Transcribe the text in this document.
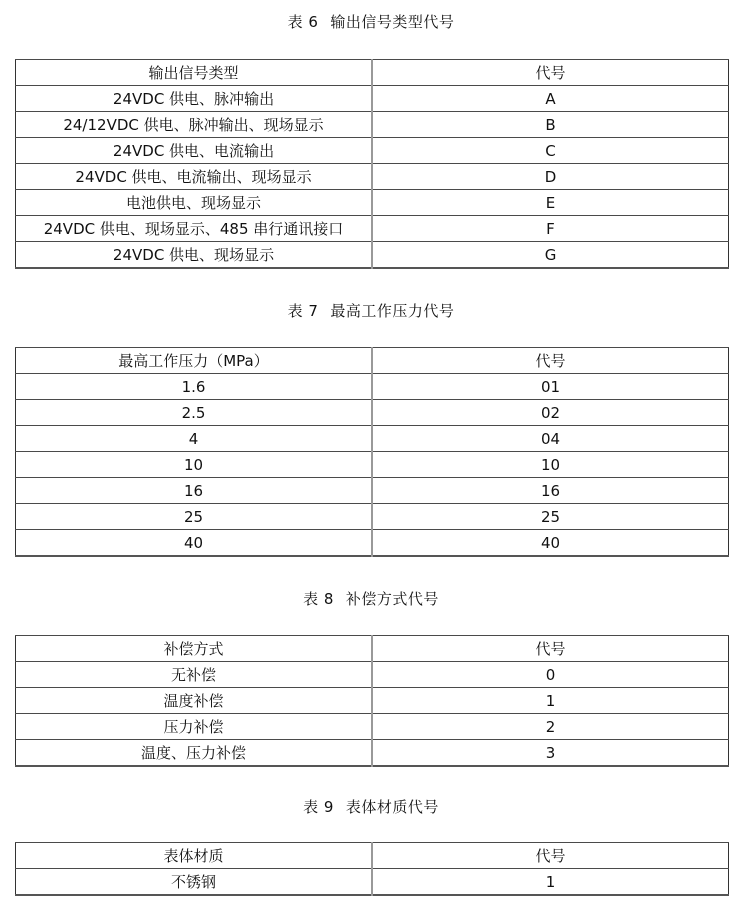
表 6 输出信号类型代号
输出信号类型	代号
24VDC 供电、脉冲输出	A
24/12VDC 供电、脉冲输出、现场显示	B
24VDC 供电、电流输出	C
24VDC 供电、电流输出、现场显示	D
电池供电、现场显示	E
24VDC 供电、现场显示、485 串行通讯接口	F
24VDC 供电、现场显示	G
表 7 最高工作压力代号
最高工作压力（MPa）	代号
1.6	01
2.5	02
4	04
10	10
16	16
25	25
40	40
表 8 补偿方式代号
补偿方式	代号
无补偿	0
温度补偿	1
压力补偿	2
温度、压力补偿	3
表 9 表体材质代号
表体材质	代号
不锈钢	1
